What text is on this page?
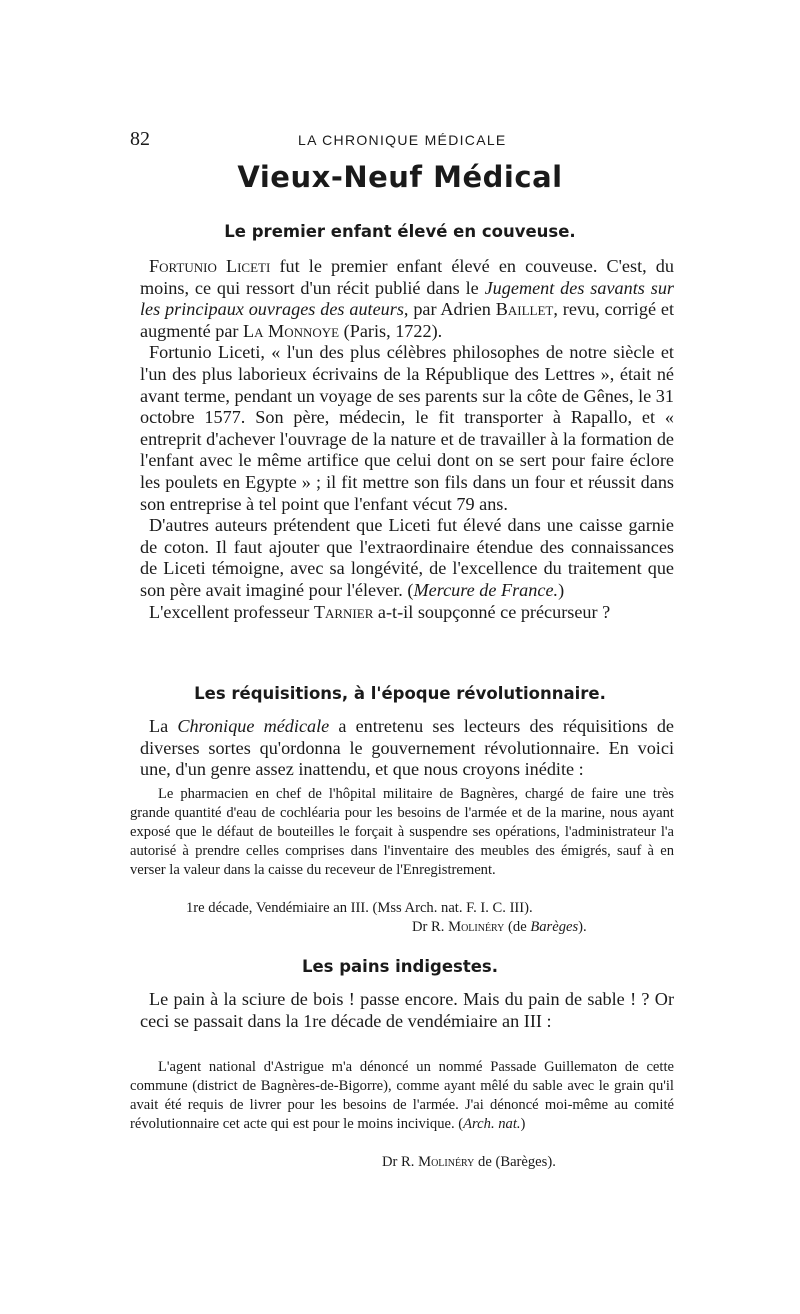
82	LA CHRONIQUE MÉDICALE
Vieux-Neuf Médical
Le premier enfant élevé en couveuse.

Fortunio Liceti fut le premier enfant élevé en couveuse. C'est, du moins, ce qui ressort d'un récit publié dans le Jugement des savants sur les principaux ouvrages des auteurs, par Adrien Baillet, revu, corrigé et augmenté par La Monnoye (Paris, 1722).

Fortunio Liceti, « l'un des plus célèbres philosophes de notre siècle et l'un des plus laborieux écrivains de la République des Lettres », était né avant terme, pendant un voyage de ses parents sur la côte de Gênes, le 31 octobre 1577. Son père, médecin, le fit transporter à Rapallo, et « entreprit d'achever l'ouvrage de la nature et de travailler à la formation de l'enfant avec le même artifice que celui dont on se sert pour faire éclore les poulets en Egypte » ; il fit mettre son fils dans un four et réussit dans son entreprise à tel point que l'enfant vécut 79 ans.

D'autres auteurs prétendent que Liceti fut élevé dans une caisse garnie de coton. Il faut ajouter que l'extraordinaire étendue des connaissances de Liceti témoigne, avec sa longévité, de l'excellence du traitement que son père avait imaginé pour l'élever. (Mercure de France.)

L'excellent professeur Tarnier a-t-il soupçonné ce précurseur ?

Les réquisitions, à l'époque révolutionnaire.

La Chronique médicale a entretenu ses lecteurs des réquisitions de diverses sortes qu'ordonna le gouvernement révolutionnaire. En voici une, d'un genre assez inattendu, et que nous croyons inédite :

Le pharmacien en chef de l'hôpital militaire de Bagnères, chargé de faire une très grande quantité d'eau de cochléaria pour les besoins de l'armée et de la marine, nous ayant exposé que le défaut de bouteilles le forçait à suspendre ses opérations, l'administrateur l'a autorisé à prendre celles comprises dans l'inventaire des meubles des émigrés, sauf à en verser la valeur dans la caisse du receveur de l'Enregistrement.

1re décade, Vendémiaire an III. (Mss Arch. nat. F. I. C. III).
Dr R. Molinéry (de Barèges).
Les pains indigestes.

Le pain à la sciure de bois ! passe encore. Mais du pain de sable ! ? Or ceci se passait dans la 1re décade de vendémiaire an III :

L'agent national d'Astrigue m'a dénoncé un nommé Passade Guillematon de cette commune (district de Bagnères-de-Bigorre), comme ayant mêlé du sable avec le grain qu'il avait été requis de livrer pour les besoins de l'armée. J'ai dénoncé moi-même au comité révolutionnaire cet acte qui est pour le moins incivique. (Arch. nat.)

Dr R. Molinéry de (Barèges).
